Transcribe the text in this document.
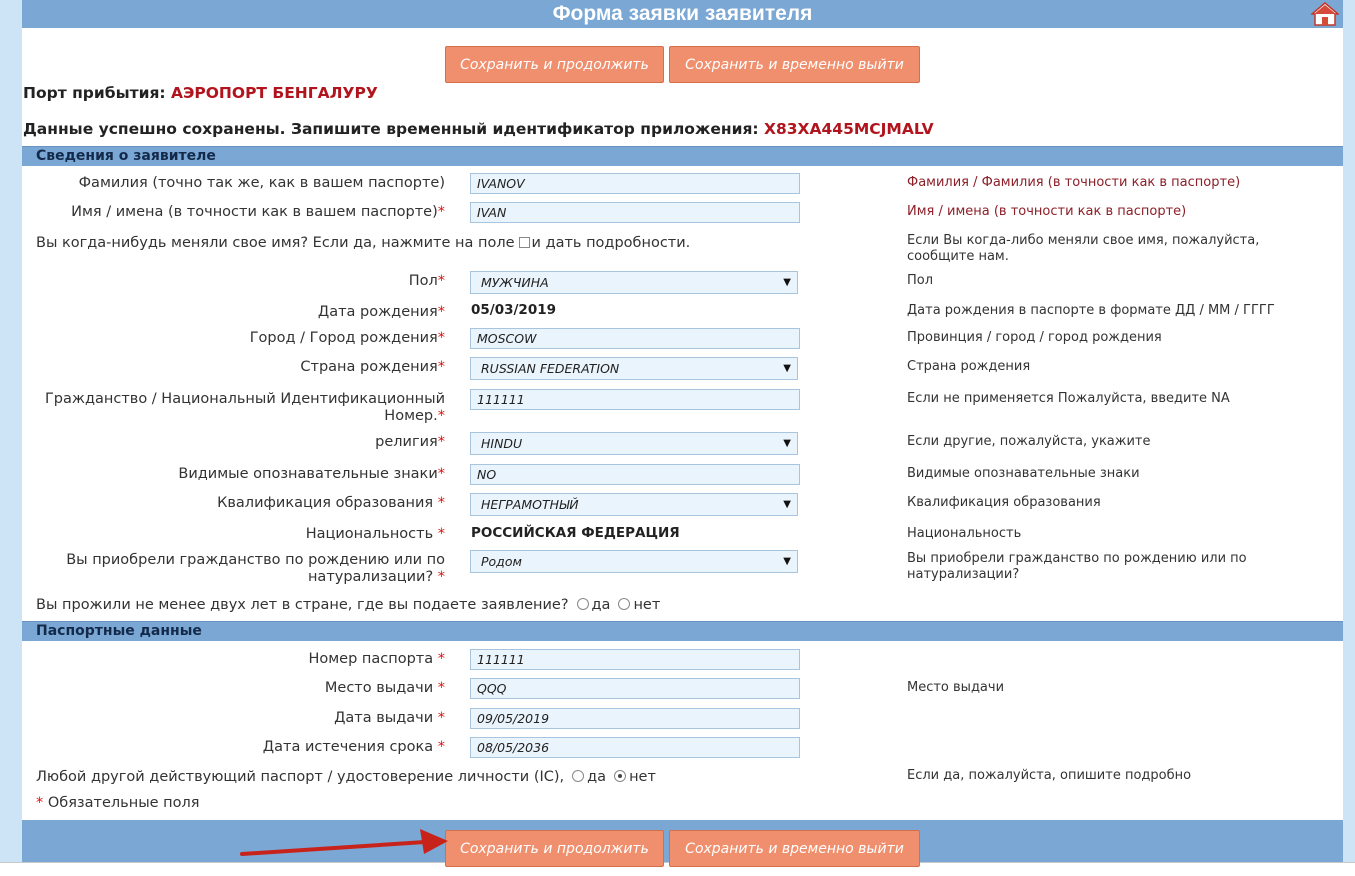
Форма заявки заявителя
Сохранить и продолжить	Сохранить и временно выйти
Порт прибытия: АЭРОПОРТ БЕНГАЛУРУ
Данные успешно сохранены. Запишите временный идентификатор приложения: X83XA445MCJMALV
Сведения о заявителе
Фамилия (точно так же, как в вашем паспорте)	IVANOV	Фамилия / Фамилия (в точности как в паспорте)
Имя / имена (в точности как в вашем паспорте)*	IVAN	Имя / имена (в точности как в паспорте)
Вы когда-нибудь меняли свое имя? Если да, нажмите на поле и дать подробности.	Если Вы когда-либо меняли свое имя, пожалуйста, сообщите нам.
Пол*	МУЖЧИНА	▼	Пол
Дата рождения* 05/03/2019	Дата рождения в паспорте в формате ДД / ММ / ГГГГ
Город / Город рождения*	MOSCOW	Провинция / город / город рождения
Страна рождения*	RUSSIAN FEDERATION	▼	Страна рождения
Гражданство / Национальный Идентификационный
Номер.*
111111	Если не применяется Пожалуйста, введите NA
религия*	HINDU	▼	Если другие, пожалуйста, укажите
Видимые опознавательные знаки*	NO	Видимые опознавательные знаки
Квалификация образования *	НЕГРАМОТНЫЙ	▼	Квалификация образования
Национальность * РОССИЙСКАЯ ФЕДЕРАЦИЯ	Национальность
Вы приобрели гражданство по рождению или по
натурализации? *
Родом	▼	Вы приобрели гражданство по рождению или по натурализации?
Вы прожили не менее двух лет в стране, где вы подаете заявление? да нет
Паспортные данные
Номер паспорта *	111111
Место выдачи *	QQQ	Место выдачи
Дата выдачи *	09/05/2019
Дата истечения срока *	08/05/2036
Любой другой действующий паспорт / удостоверение личности (IC), да нет	Если да, пожалуйста, опишите подробно
* Обязательные поля
Сохранить и продолжить	Сохранить и временно выйти
